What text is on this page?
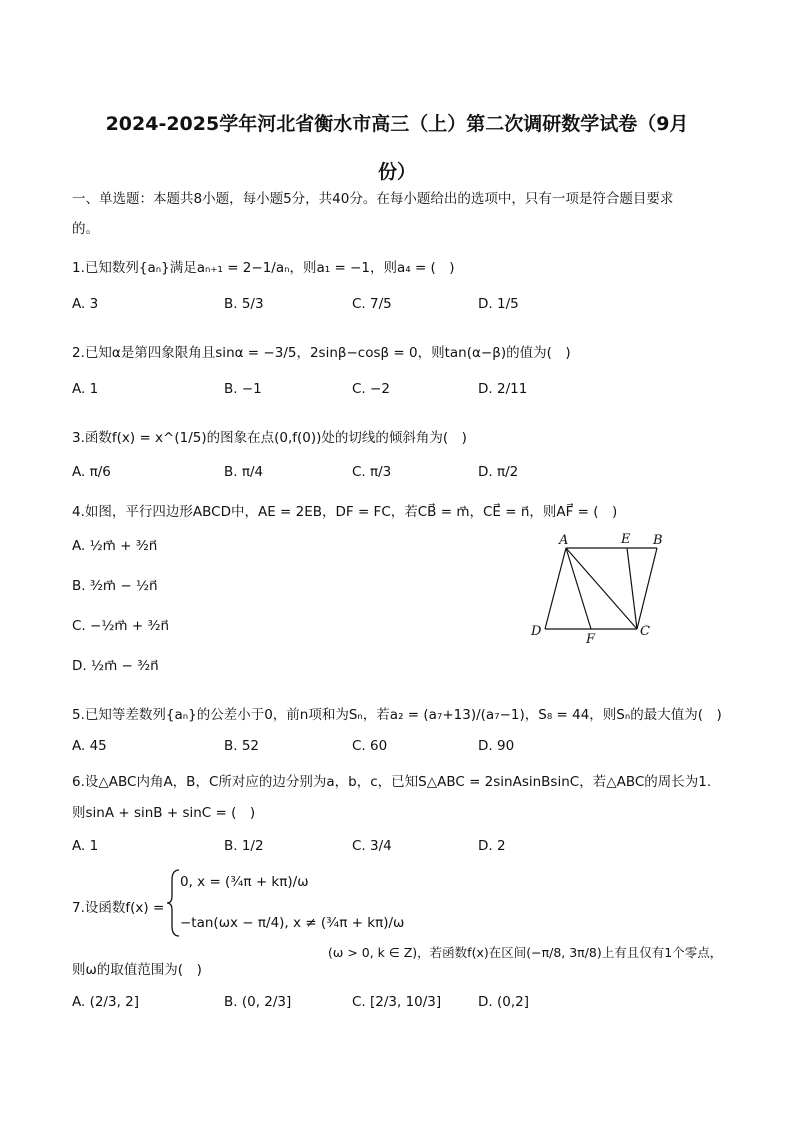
2024-2025学年河北省衡水市高三（上）第二次调研数学试卷（9月
份）
一、单选题：本题共8小题，每小题5分，共40分。在每小题给出的选项中，只有一项是符合题目要求
的。
1.已知数列{aₙ}满足aₙ₊₁ = 2−1/aₙ，则a₁ = −1，则a₄ = (　)
A. 3	B. 5/3	C. 7/5	D. 1/5
2.已知α是第四象限角且sinα = −3/5，2sinβ−cosβ = 0，则tan(α−β)的值为(　)
A. 1	B. −1	C. −2	D. 2/11
3.函数f(x) = x^(1/5)的图象在点(0,f(0))处的切线的倾斜角为(　)
A. π/6	B. π/4	C. π/3	D. π/2
4.如图，平行四边形ABCD中，AE = 2EB，DF = FC，若CB⃗ = m⃗，CE⃗ = n⃗，则AF⃗ = (　)
A. ½m⃗ + ³⁄₂n⃗
B. ³⁄₂m⃗ − ½n⃗
C. −½m⃗ + ³⁄₂n⃗
D. ½m⃗ − ³⁄₂n⃗
A	E B
D
F
C
5.已知等差数列{aₙ}的公差小于0，前n项和为Sₙ，若a₂ = (a₇+13)/(a₇−1)，S₈ = 44，则Sₙ的最大值为(　)
A. 45	B. 52	C. 60	D. 90
6.设△ABC内角A，B，C所对应的边分别为a，b，c，已知S△ABC = 2sinAsinBsinC，若△ABC的周长为1.
则sinA + sinB + sinC = (　)
A. 1	B. 1/2	C. 3/4	D. 2
7.设函数f(x) =
0, x = (¾π + kπ)/ω
−tan(ωx − π/4), x ≠ (¾π + kπ)/ω
(ω > 0, k ∈ Z)，若函数f(x)在区间(−π/8, 3π/8)上有且仅有1个零点，
则ω的取值范围为(　)
A. (2/3, 2]	B. (0, 2/3]	C. [2/3, 10/3]	D. (0,2]
